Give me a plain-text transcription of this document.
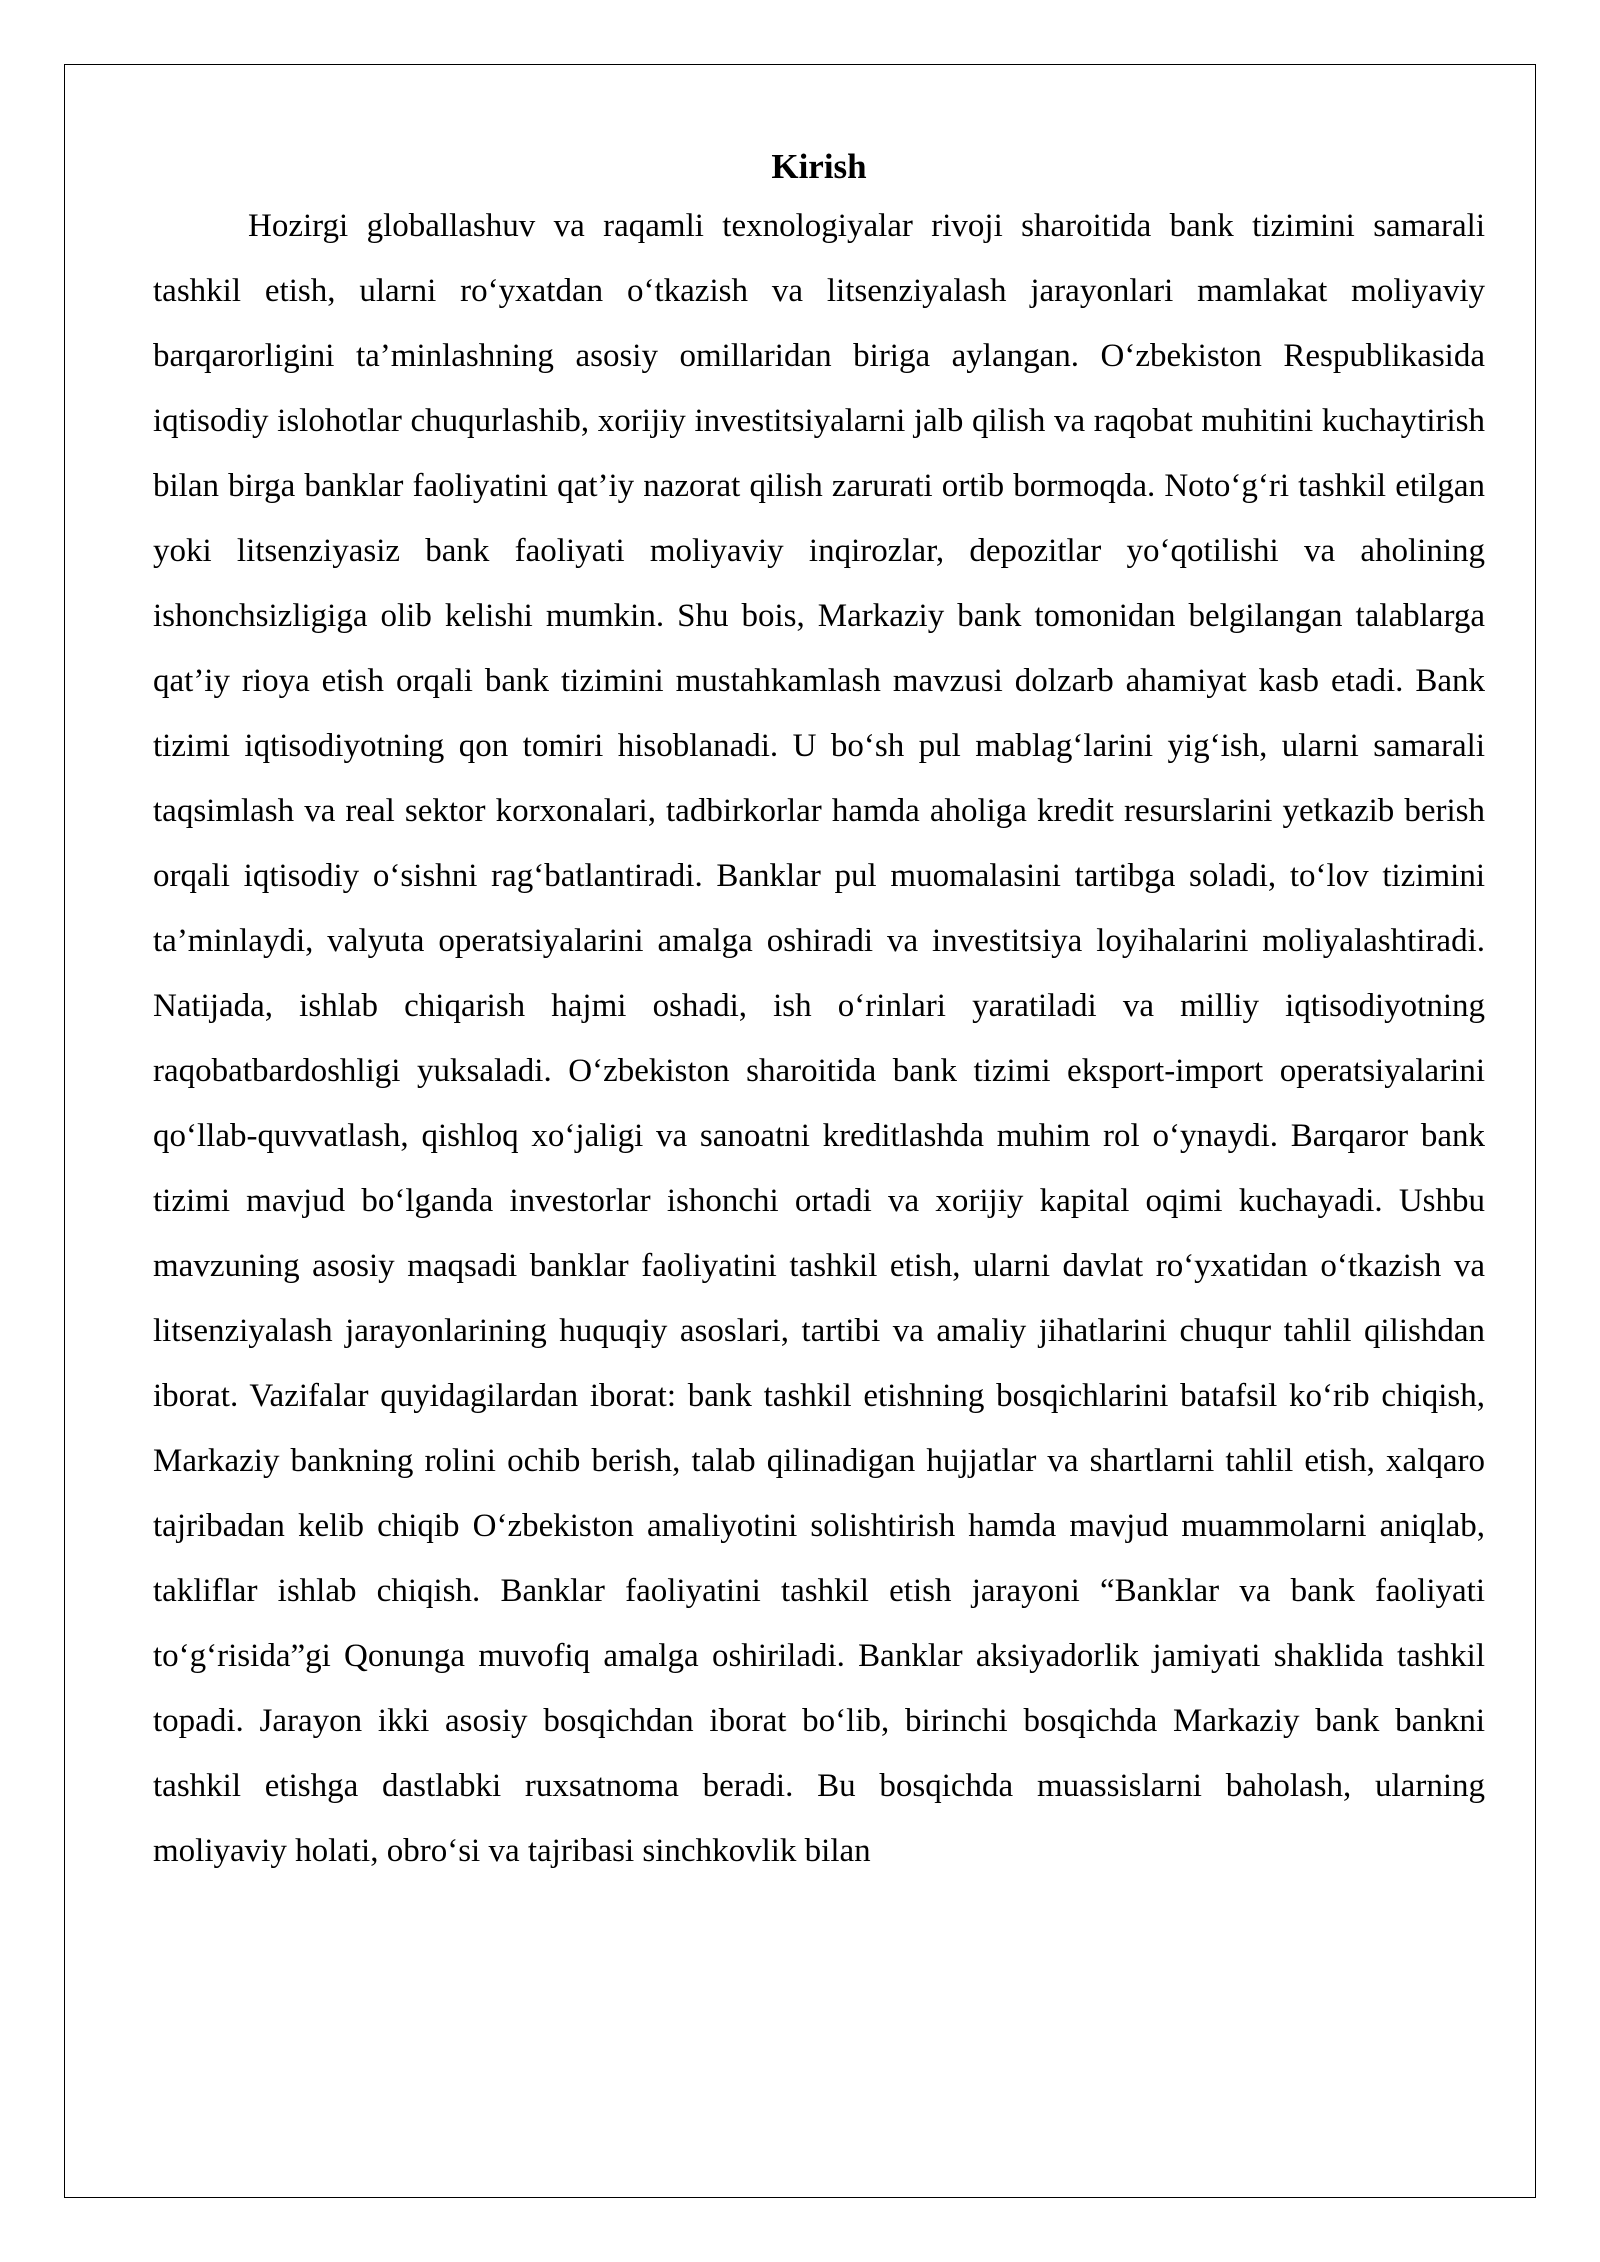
Kirish

Hozirgi globallashuv va raqamli texnologiyalar rivoji sharoitida bank tizimini samarali tashkil etish, ularni ro‘yxatdan o‘tkazish va litsenziyalash jarayonlari mamlakat moliyaviy barqarorligini ta’minlashning asosiy omillaridan biriga aylangan. O‘zbekiston Respublikasida iqtisodiy islohotlar chuqurlashib, xorijiy investitsiyalarni jalb qilish va raqobat muhitini kuchaytirish bilan birga banklar faoliyatini qat’iy nazorat qilish zarurati ortib bormoqda. Noto‘g‘ri tashkil etilgan yoki litsenziyasiz bank faoliyati moliyaviy inqirozlar, depozitlar yo‘qotilishi va aholining ishonchsizligiga olib kelishi mumkin. Shu bois, Markaziy bank tomonidan belgilangan talablarga qat’iy rioya etish orqali bank tizimini mustahkamlash mavzusi dolzarb ahamiyat kasb etadi. Bank tizimi iqtisodiyotning qon tomiri hisoblanadi. U bo‘sh pul mablag‘larini yig‘ish, ularni samarali taqsimlash va real sektor korxonalari, tadbirkorlar hamda aholiga kredit resurslarini yetkazib berish orqali iqtisodiy o‘sishni rag‘batlantiradi. Banklar pul muomalasini tartibga soladi, to‘lov tizimini ta’minlaydi, valyuta operatsiyalarini amalga oshiradi va investitsiya loyihalarini moliyalashtiradi. Natijada, ishlab chiqarish hajmi oshadi, ish o‘rinlari yaratiladi va milliy iqtisodiyotning raqobatbardoshligi yuksaladi. O‘zbekiston sharoitida bank tizimi eksport-import operatsiyalarini qo‘llab-quvvatlash, qishloq xo‘jaligi va sanoatni kreditlashda muhim rol o‘ynaydi. Barqaror bank tizimi mavjud bo‘lganda investorlar ishonchi ortadi va xorijiy kapital oqimi kuchayadi. Ushbu mavzuning asosiy maqsadi banklar faoliyatini tashkil etish, ularni davlat ro‘yxatidan o‘tkazish va litsenziyalash jarayonlarining huquqiy asoslari, tartibi va amaliy jihatlarini chuqur tahlil qilishdan iborat. Vazifalar quyidagilardan iborat: bank tashkil etishning bosqichlarini batafsil ko‘rib chiqish, Markaziy bankning rolini ochib berish, talab qilinadigan hujjatlar va shartlarni tahlil etish, xalqaro tajribadan kelib chiqib O‘zbekiston amaliyotini solishtirish hamda mavjud muammolarni aniqlab, takliflar ishlab chiqish. Banklar faoliyatini tashkil etish jarayoni “Banklar va bank faoliyati to‘g‘risida”gi Qonunga muvofiq amalga oshiriladi. Banklar aksiyadorlik jamiyati shaklida tashkil topadi. Jarayon ikki asosiy bosqichdan iborat bo‘lib, birinchi bosqichda Markaziy bank bankni tashkil etishga dastlabki ruxsatnoma beradi. Bu bosqichda muassislarni baholash, ularning moliyaviy holati, obro‘si va tajribasi sinchkovlik bilan
